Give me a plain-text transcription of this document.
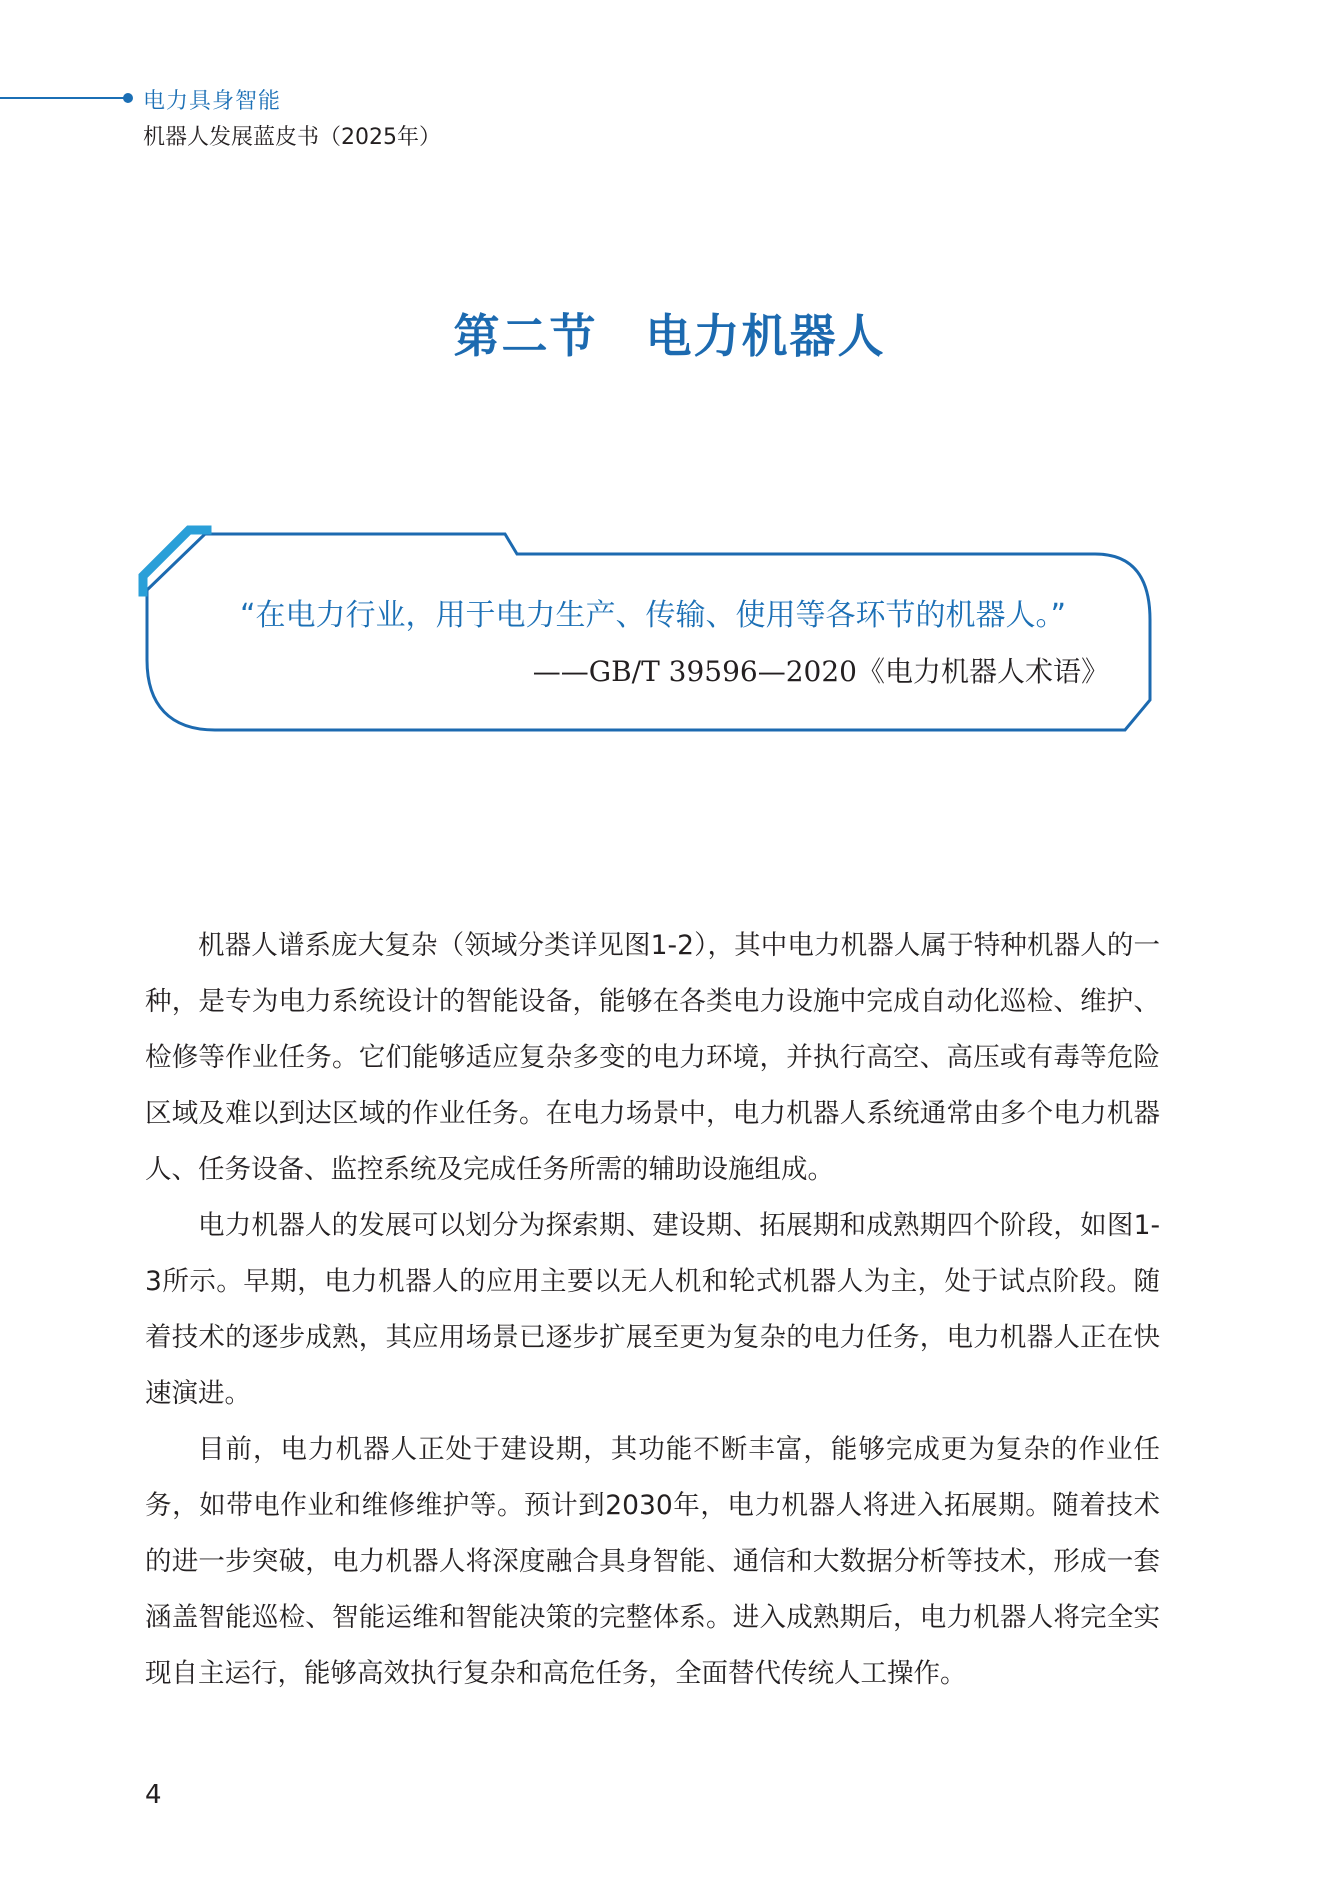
电力具身智能
机器人发展蓝皮书（2025年）
第二节　电力机器人
“在电力行业，用于电力生产、传输、使用等各环节的机器人。”
——GB/T 39596—2020《电力机器人术语》

机器人谱系庞大复杂（领域分类详见图1-2），其中电力机器人属于特种机器人的一种，是专为电力系统设计的智能设备，能够在各类电力设施中完成自动化巡检、维护、检修等作业任务。它们能够适应复杂多变的电力环境，并执行高空、高压或有毒等危险区域及难以到达区域的作业任务。在电力场景中，电力机器人系统通常由多个电力机器人、任务设备、监控系统及完成任务所需的辅助设施组成。

电力机器人的发展可以划分为探索期、建设期、拓展期和成熟期四个阶段，如图1-3所示。早期，电力机器人的应用主要以无人机和轮式机器人为主，处于试点阶段。随着技术的逐步成熟，其应用场景已逐步扩展至更为复杂的电力任务，电力机器人正在快速演进。

目前，电力机器人正处于建设期，其功能不断丰富，能够完成更为复杂的作业任务，如带电作业和维修维护等。预计到2030年，电力机器人将进入拓展期。随着技术的进一步突破，电力机器人将深度融合具身智能、通信和大数据分析等技术，形成一套涵盖智能巡检、智能运维和智能决策的完整体系。进入成熟期后，电力机器人将完全实现自主运行，能够高效执行复杂和高危任务，全面替代传统人工操作。

4
